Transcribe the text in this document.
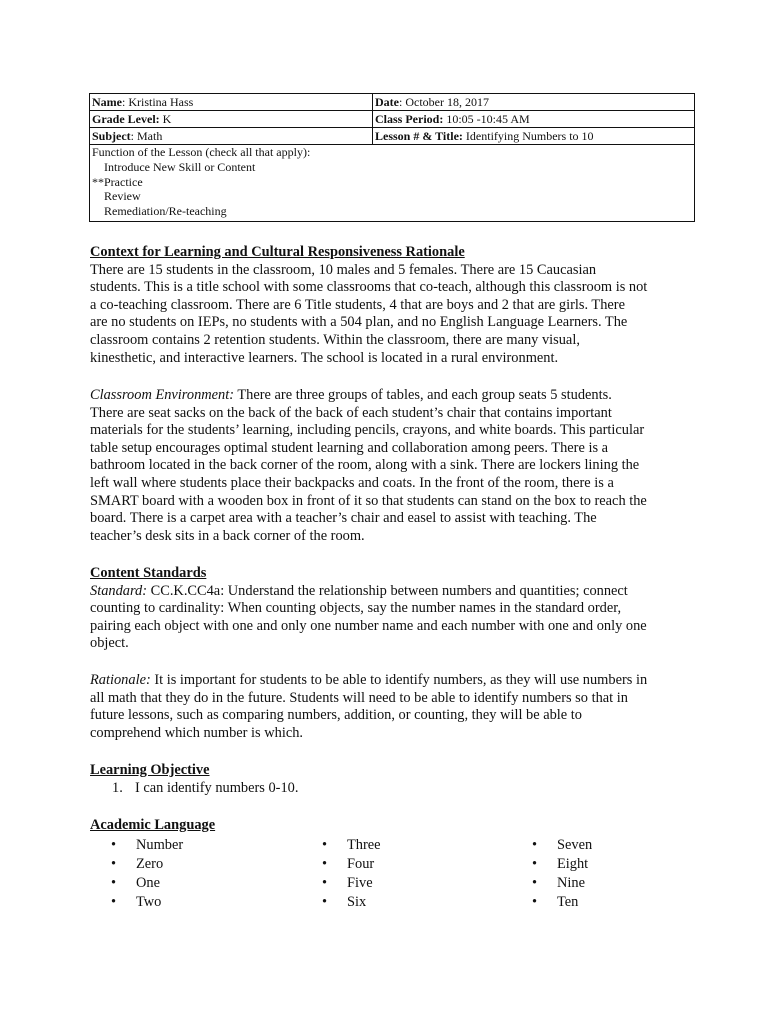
Name: Kristina Hass	Date: October 18, 2017
Grade Level: K	Class Period: 10:05 -10:45 AM
Subject: Math	Lesson # & Title: Identifying Numbers to 10

Function of the Lesson (check all that apply):
Introduce New Skill or Content
**Practice
Review
Remediation/Re-teaching	

Context for Learning and Cultural Responsiveness Rationale

There are 15 students in the classroom, 10 males and 5 females. There are 15 Caucasian

students. This is a title school with some classrooms that co-teach, although this classroom is not

a co-teaching classroom. There are 6 Title students, 4 that are boys and 2 that are girls. There

are no students on IEPs, no students with a 504 plan, and no English Language Learners. The

classroom contains 2 retention students. Within the classroom, there are many visual,

kinesthetic, and interactive learners. The school is located in a rural environment.

Classroom Environment: There are three groups of tables, and each group seats 5 students.

There are seat sacks on the back of the back of each student’s chair that contains important

materials for the students’ learning, including pencils, crayons, and white boards. This particular

table setup encourages optimal student learning and collaboration among peers. There is a

bathroom located in the back corner of the room, along with a sink. There are lockers lining the

left wall where students place their backpacks and coats. In the front of the room, there is a

SMART board with a wooden box in front of it so that students can stand on the box to reach the

board. There is a carpet area with a teacher’s chair and easel to assist with teaching. The

teacher’s desk sits in a back corner of the room.

Content Standards

Standard: CC.K.CC4a: Understand the relationship between numbers and quantities; connect

counting to cardinality: When counting objects, say the number names in the standard order,

pairing each object with one and only one number name and each number with one and only one

object.

Rationale: It is important for students to be able to identify numbers, as they will use numbers in

all math that they do in the future. Students will need to be able to identify numbers so that in

future lessons, such as comparing numbers, addition, or counting, they will be able to

comprehend which number is which.

Learning Objective

1. I can identify numbers 0-10.

Academic Language

• Number
• Zero
• One
• Two
• Three
• Four
• Five
• Six
• Seven
• Eight
• Nine
• Ten
